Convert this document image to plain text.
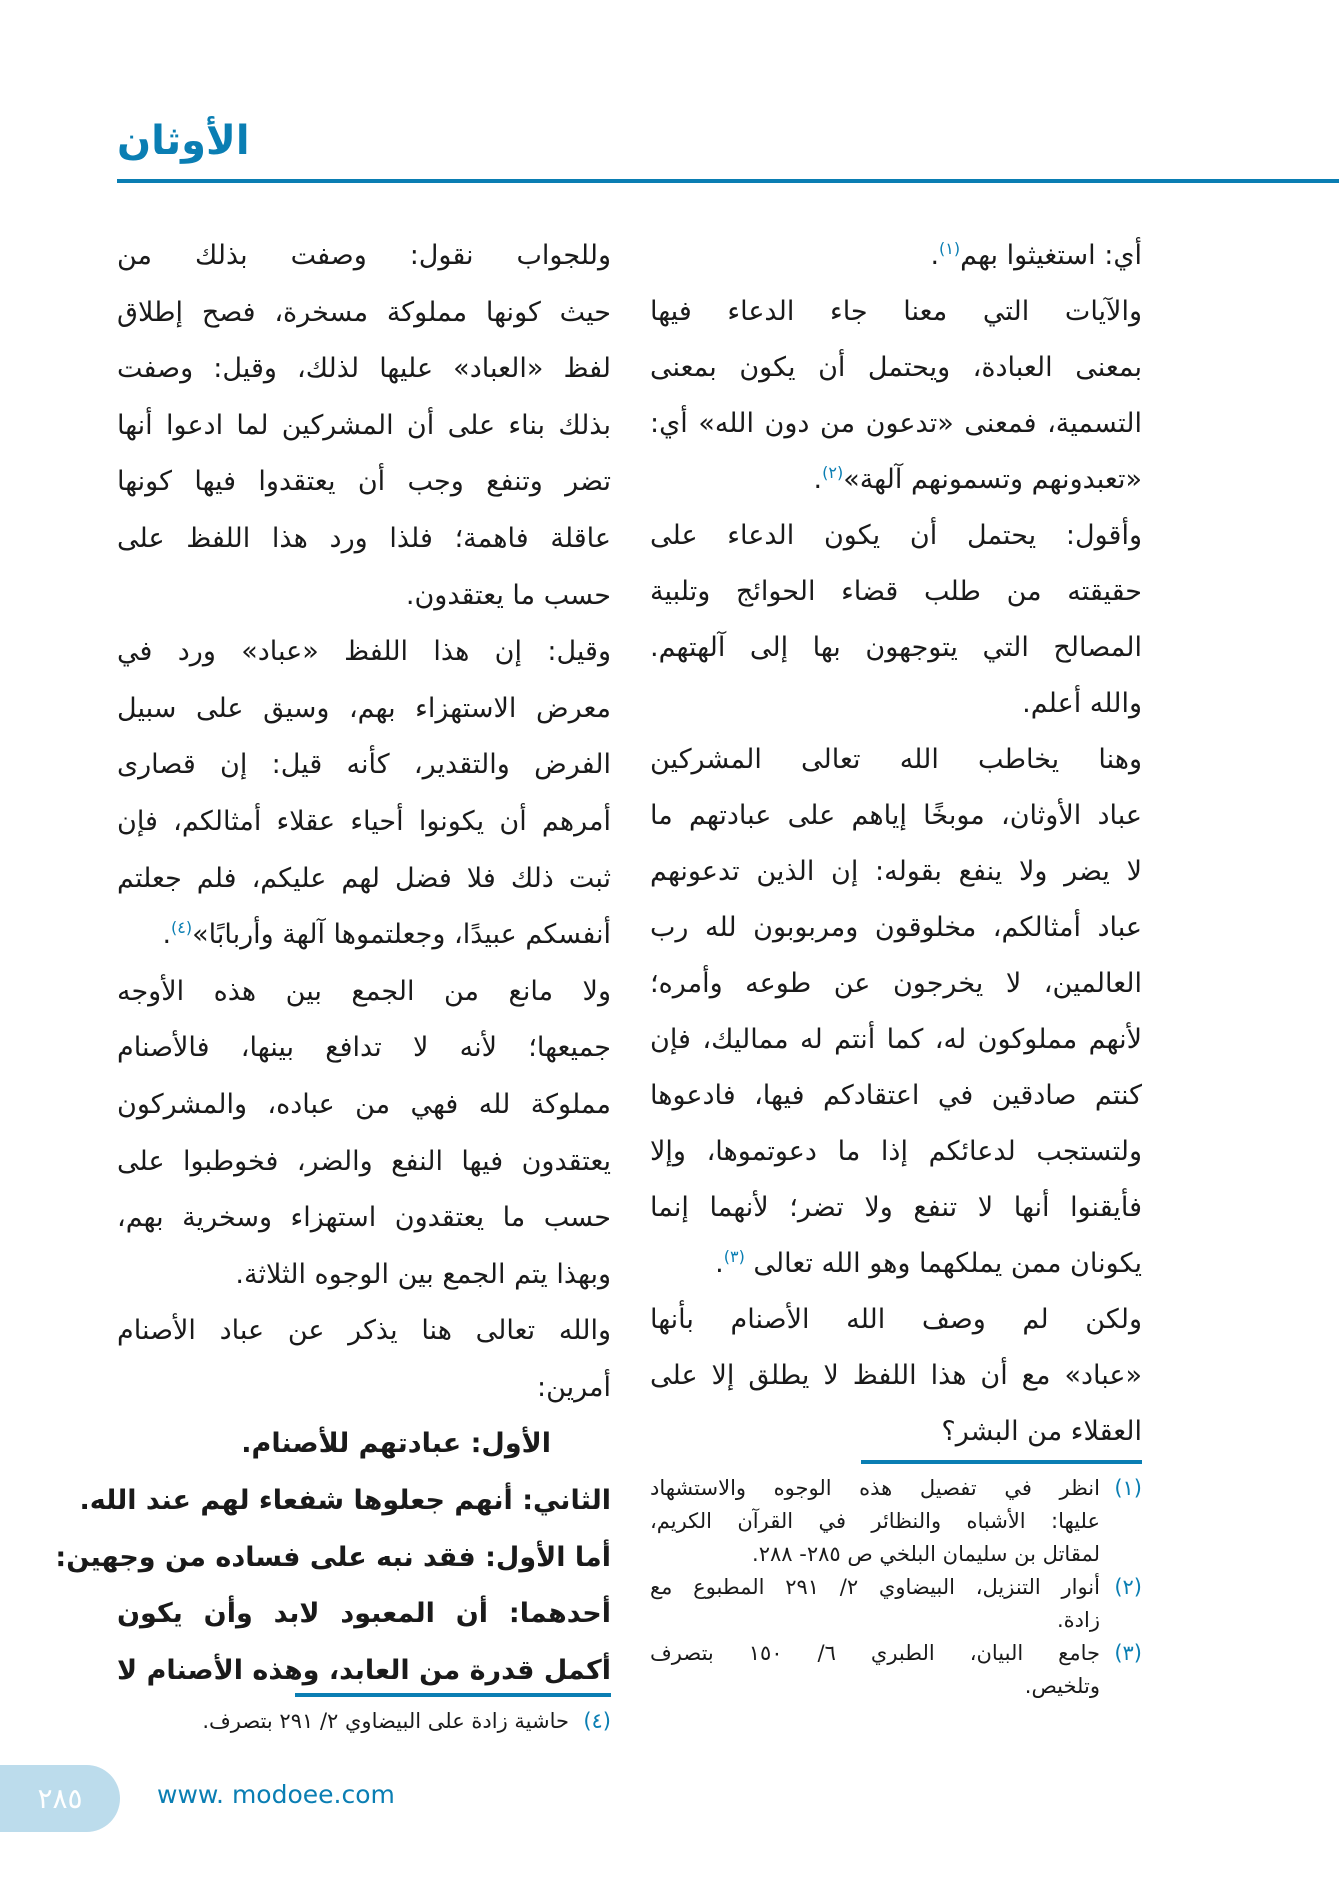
الأوثان
أي: استغيثوا بهم$^{(١)}$.
والآيات التي معنا جاء الدعاء فيها
بمعنى العبادة، ويحتمل أن يكون بمعنى
التسمية، فمعنى «تدعون من دون الله» أي:
«تعبدونهم وتسمونهم آلهة»$^{(٢)}$.
وأقول: يحتمل أن يكون الدعاء على
حقيقته من طلب قضاء الحوائج وتلبية
المصالح التي يتوجهون بها إلى آلهتهم.
والله أعلم.
وهنا يخاطب الله تعالى المشركين
عباد الأوثان، موبخًا إياهم على عبادتهم ما
لا يضر ولا ينفع بقوله: إن الذين تدعونهم
عباد أمثالكم، مخلوقون ومربوبون لله رب
العالمين، لا يخرجون عن طوعه وأمره؛
لأنهم مملوكون له، كما أنتم له مماليك، فإن
كنتم صادقين في اعتقادكم فيها، فادعوها
ولتستجب لدعائكم إذا ما دعوتموها، وإلا
فأيقنوا أنها لا تنفع ولا تضر؛ لأنهما إنما
يكونان ممن يملكهما وهو الله تعالى $^{(٣)}$.
ولكن لم وصف الله الأصنام بأنها
«عباد» مع أن هذا اللفظ لا يطلق إلا على
العقلاء من البشر؟
وللجواب نقول: وصفت بذلك من
حيث كونها مملوكة مسخرة، فصح إطلاق
لفظ «العباد» عليها لذلك، وقيل: وصفت
بذلك بناء على أن المشركين لما ادعوا أنها
تضر وتنفع وجب أن يعتقدوا فيها كونها
عاقلة فاهمة؛ فلذا ورد هذا اللفظ على
حسب ما يعتقدون.
وقيل: إن هذا اللفظ «عباد» ورد في
معرض الاستهزاء بهم، وسيق على سبيل
الفرض والتقدير، كأنه قيل: إن قصارى
أمرهم أن يكونوا أحياء عقلاء أمثالكم، فإن
ثبت ذلك فلا فضل لهم عليكم، فلم جعلتم
أنفسكم عبيدًا، وجعلتموها آلهة وأربابًا»$^{(٤)}$.
ولا مانع من الجمع بين هذه الأوجه
جميعها؛ لأنه لا تدافع بينها، فالأصنام
مملوكة لله فهي من عباده، والمشركون
يعتقدون فيها النفع والضر، فخوطبوا على
حسب ما يعتقدون استهزاء وسخرية بهم،
وبهذا يتم الجمع بين الوجوه الثلاثة.
والله تعالى هنا يذكر عن عباد الأصنام
أمرين:
الأول: عبادتهم للأصنام.
الثاني: أنهم جعلوها شفعاء لهم عند الله.
أما الأول: فقد نبه على فساده من وجهين:
أحدهما: أن المعبود لابد وأن يكون
أكمل قدرة من العابد، وهذه الأصنام لا
(١)
انظر في تفصيل هذه الوجوه والاستشهاد
عليها: الأشباه والنظائر في القرآن الكريم،
لمقاتل بن سليمان البلخي ص ٢٨٥- ٢٨٨.
(٢)
أنوار التنزيل، البيضاوي ٢/ ٢٩١ المطبوع مع
زادة.
(٣)
جامع البيان، الطبري ٦/ ١٥٠ بتصرف
وتلخيص.
(٤)
حاشية زادة على البيضاوي ٢/ ٢٩١ بتصرف.
٢٨٥	www. modoee.com
